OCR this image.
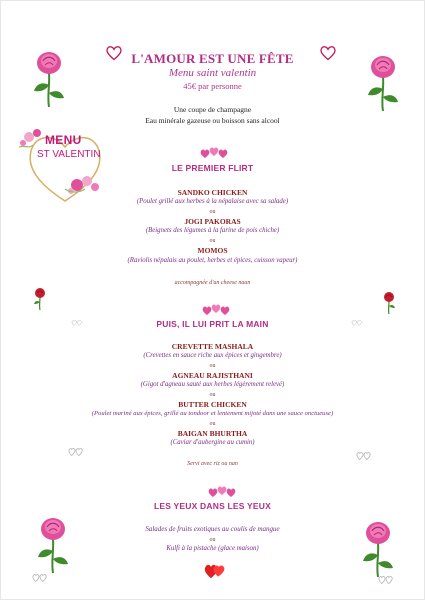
L'AMOUR EST UNE FÊTE
Menu saint valentin
45€ par personne
Une coupe de champagne
Eau minérale gazeuse ou boisson sans alcool
MENU
ST VALENTIN
LE PREMIER FLIRT
SANDKO CHICKEN
(Poulet grillé aux herbes à la népalaise avec sa salade)
ou
JOGI PAKORAS
(Beignets des légumes à la farine de pois chiche)
ou
MOMOS
(Raviolis népalais au poulet, herbes et épices, cuisson vapeur)
accompagnée d'un cheese naan
PUIS, IL LUI PRIT LA MAIN
CREVETTE MASHALA
(Crevettes en sauce riche aux épices et gingembre)
ou
AGNEAU RAJISTHANI
(Gigot d'agneau sauté aux herbes légèrement relevé)
ou
BUTTER CHICKEN
(Poulet mariné aux épices, grillé au tondoor et lentement mijoté dans une sauce onctueuse)
ou
BAIGAN BHURTHA
(Caviar d'aubergine au cumin)
Servi avec riz ou nan
LES YEUX DANS LES YEUX
Salades de fruits exotiques au coulis de mangue
ou
Kulfi à la pistache (glace maison)
